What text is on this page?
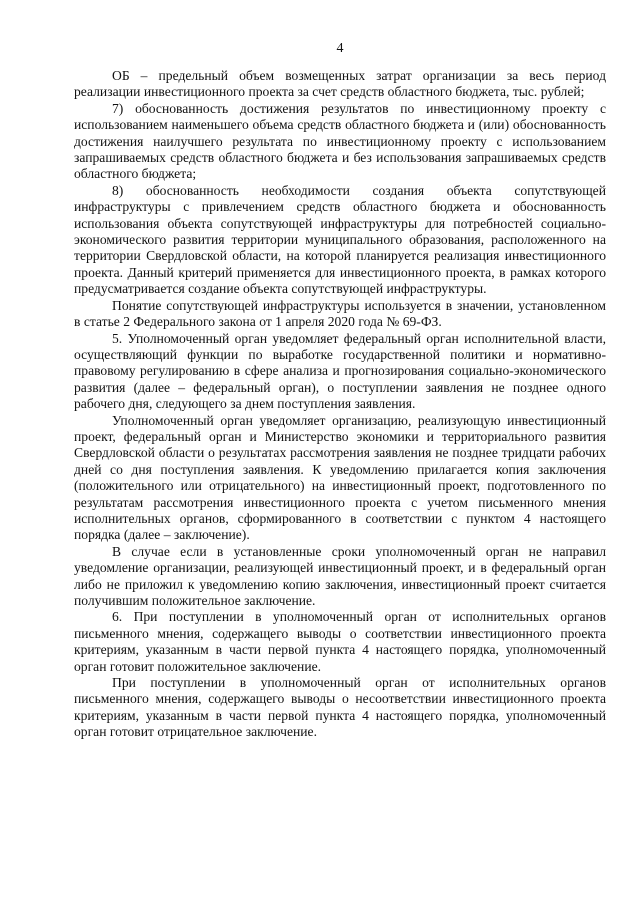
4

ОБ – предельный объем возмещенных затрат организации за весь период реализации инвестиционного проекта за счет средств областного бюджета, тыс. рублей;

7) обоснованность достижения результатов по инвестиционному проекту с использованием наименьшего объема средств областного бюджета и (или) обоснованность достижения наилучшего результата по инвестиционному проекту с использованием запрашиваемых средств областного бюджета и без использования запрашиваемых средств областного бюджета;

8) обоснованность необходимости создания объекта сопутствующей инфраструктуры с привлечением средств областного бюджета и обоснованность использования объекта сопутствующей инфраструктуры для потребностей социально-экономического развития территории муниципального образования, расположенного на территории Свердловской области, на которой планируется реализация инвестиционного проекта. Данный критерий применяется для инвестиционного проекта, в рамках которого предусматривается создание объекта сопутствующей инфраструктуры.

Понятие сопутствующей инфраструктуры используется в значении, установленном в статье 2 Федерального закона от 1 апреля 2020 года № 69-ФЗ.

5. Уполномоченный орган уведомляет федеральный орган исполнительной власти, осуществляющий функции по выработке государственной политики и нормативно-правовому регулированию в сфере анализа и прогнозирования социально-экономического развития (далее – федеральный орган), о поступлении заявления не позднее одного рабочего дня, следующего за днем поступления заявления.

Уполномоченный орган уведомляет организацию, реализующую инвестиционный проект, федеральный орган и Министерство экономики и территориального развития Свердловской области о результатах рассмотрения заявления не позднее тридцати рабочих дней со дня поступления заявления. К уведомлению прилагается копия заключения (положительного или отрицательного) на инвестиционный проект, подготовленного по результатам рассмотрения инвестиционного проекта с учетом письменного мнения исполнительных органов, сформированного в соответствии с пунктом 4 настоящего порядка (далее – заключение).

В случае если в установленные сроки уполномоченный орган не направил уведомление организации, реализующей инвестиционный проект, и в федеральный орган либо не приложил к уведомлению копию заключения, инвестиционный проект считается получившим положительное заключение.

6. При поступлении в уполномоченный орган от исполнительных органов письменного мнения, содержащего выводы о соответствии инвестиционного проекта критериям, указанным в части первой пункта 4 настоящего порядка, уполномоченный орган готовит положительное заключение.

При поступлении в уполномоченный орган от исполнительных органов письменного мнения, содержащего выводы о несоответствии инвестиционного проекта критериям, указанным в части первой пункта 4 настоящего порядка, уполномоченный орган готовит отрицательное заключение.
